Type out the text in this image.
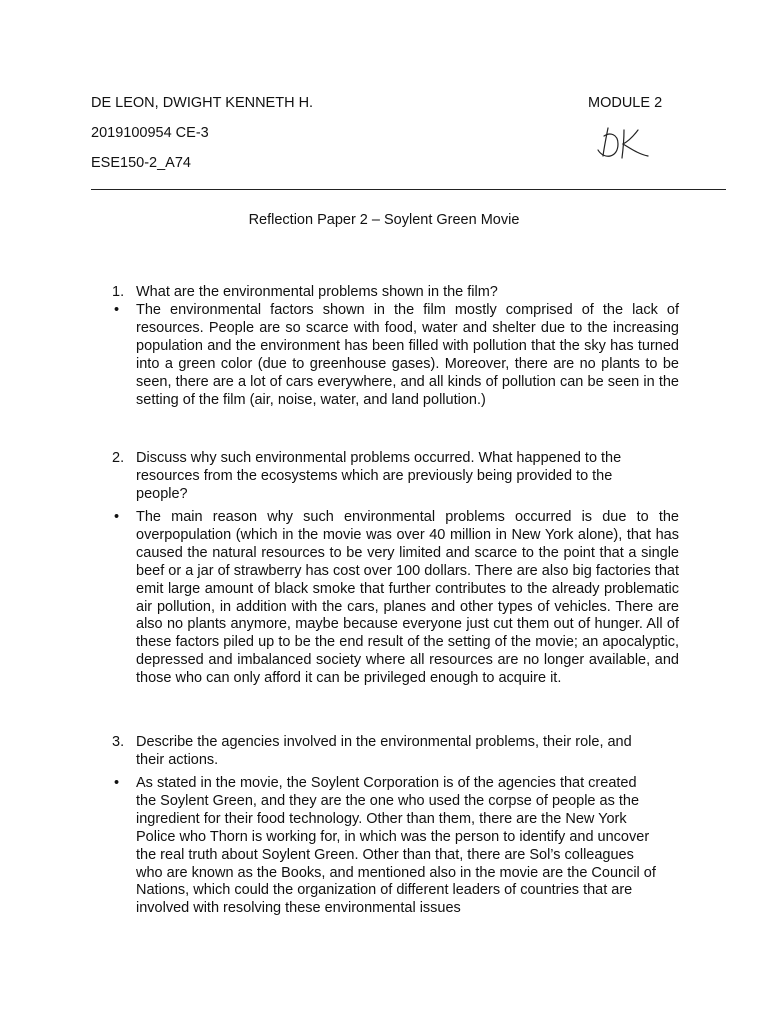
DE LEON, DWIGHT KENNETH H.
2019100954 CE-3
ESE150-2_A74
MODULE 2
Reflection Paper 2 – Soylent Green Movie
1. What are the environmental problems shown in the film?
• The environmental factors shown in the film mostly comprised of the lack of resources. People are so scarce with food, water and shelter due to the increasing population and the environment has been filled with pollution that the sky has turned into a green color (due to greenhouse gases). Moreover, there are no plants to be seen, there are a lot of cars everywhere, and all kinds of pollution can be seen in the setting of the film (air, noise, water, and land pollution.)
2. Discuss why such environmental problems occurred. What happened to the resources from the ecosystems which are previously being provided to the people?
• The main reason why such environmental problems occurred is due to the overpopulation (which in the movie was over 40 million in New York alone), that has caused the natural resources to be very limited and scarce to the point that a single beef or a jar of strawberry has cost over 100 dollars. There are also big factories that emit large amount of black smoke that further contributes to the already problematic air pollution, in addition with the cars, planes and other types of vehicles. There are also no plants anymore, maybe because everyone just cut them out of hunger. All of these factors piled up to be the end result of the setting of the movie; an apocalyptic, depressed and imbalanced society where all resources are no longer available, and those who can only afford it can be privileged enough to acquire it.
3. Describe the agencies involved in the environmental problems, their role, and their actions.
• As stated in the movie, the Soylent Corporation is of the agencies that created the Soylent Green, and they are the one who used the corpse of people as the ingredient for their food technology. Other than them, there are the New York Police who Thorn is working for, in which was the person to identify and uncover the real truth about Soylent Green. Other than that, there are Sol’s colleagues who are known as the Books, and mentioned also in the movie are the Council of Nations, which could the organization of different leaders of countries that are involved with resolving these environmental issues
